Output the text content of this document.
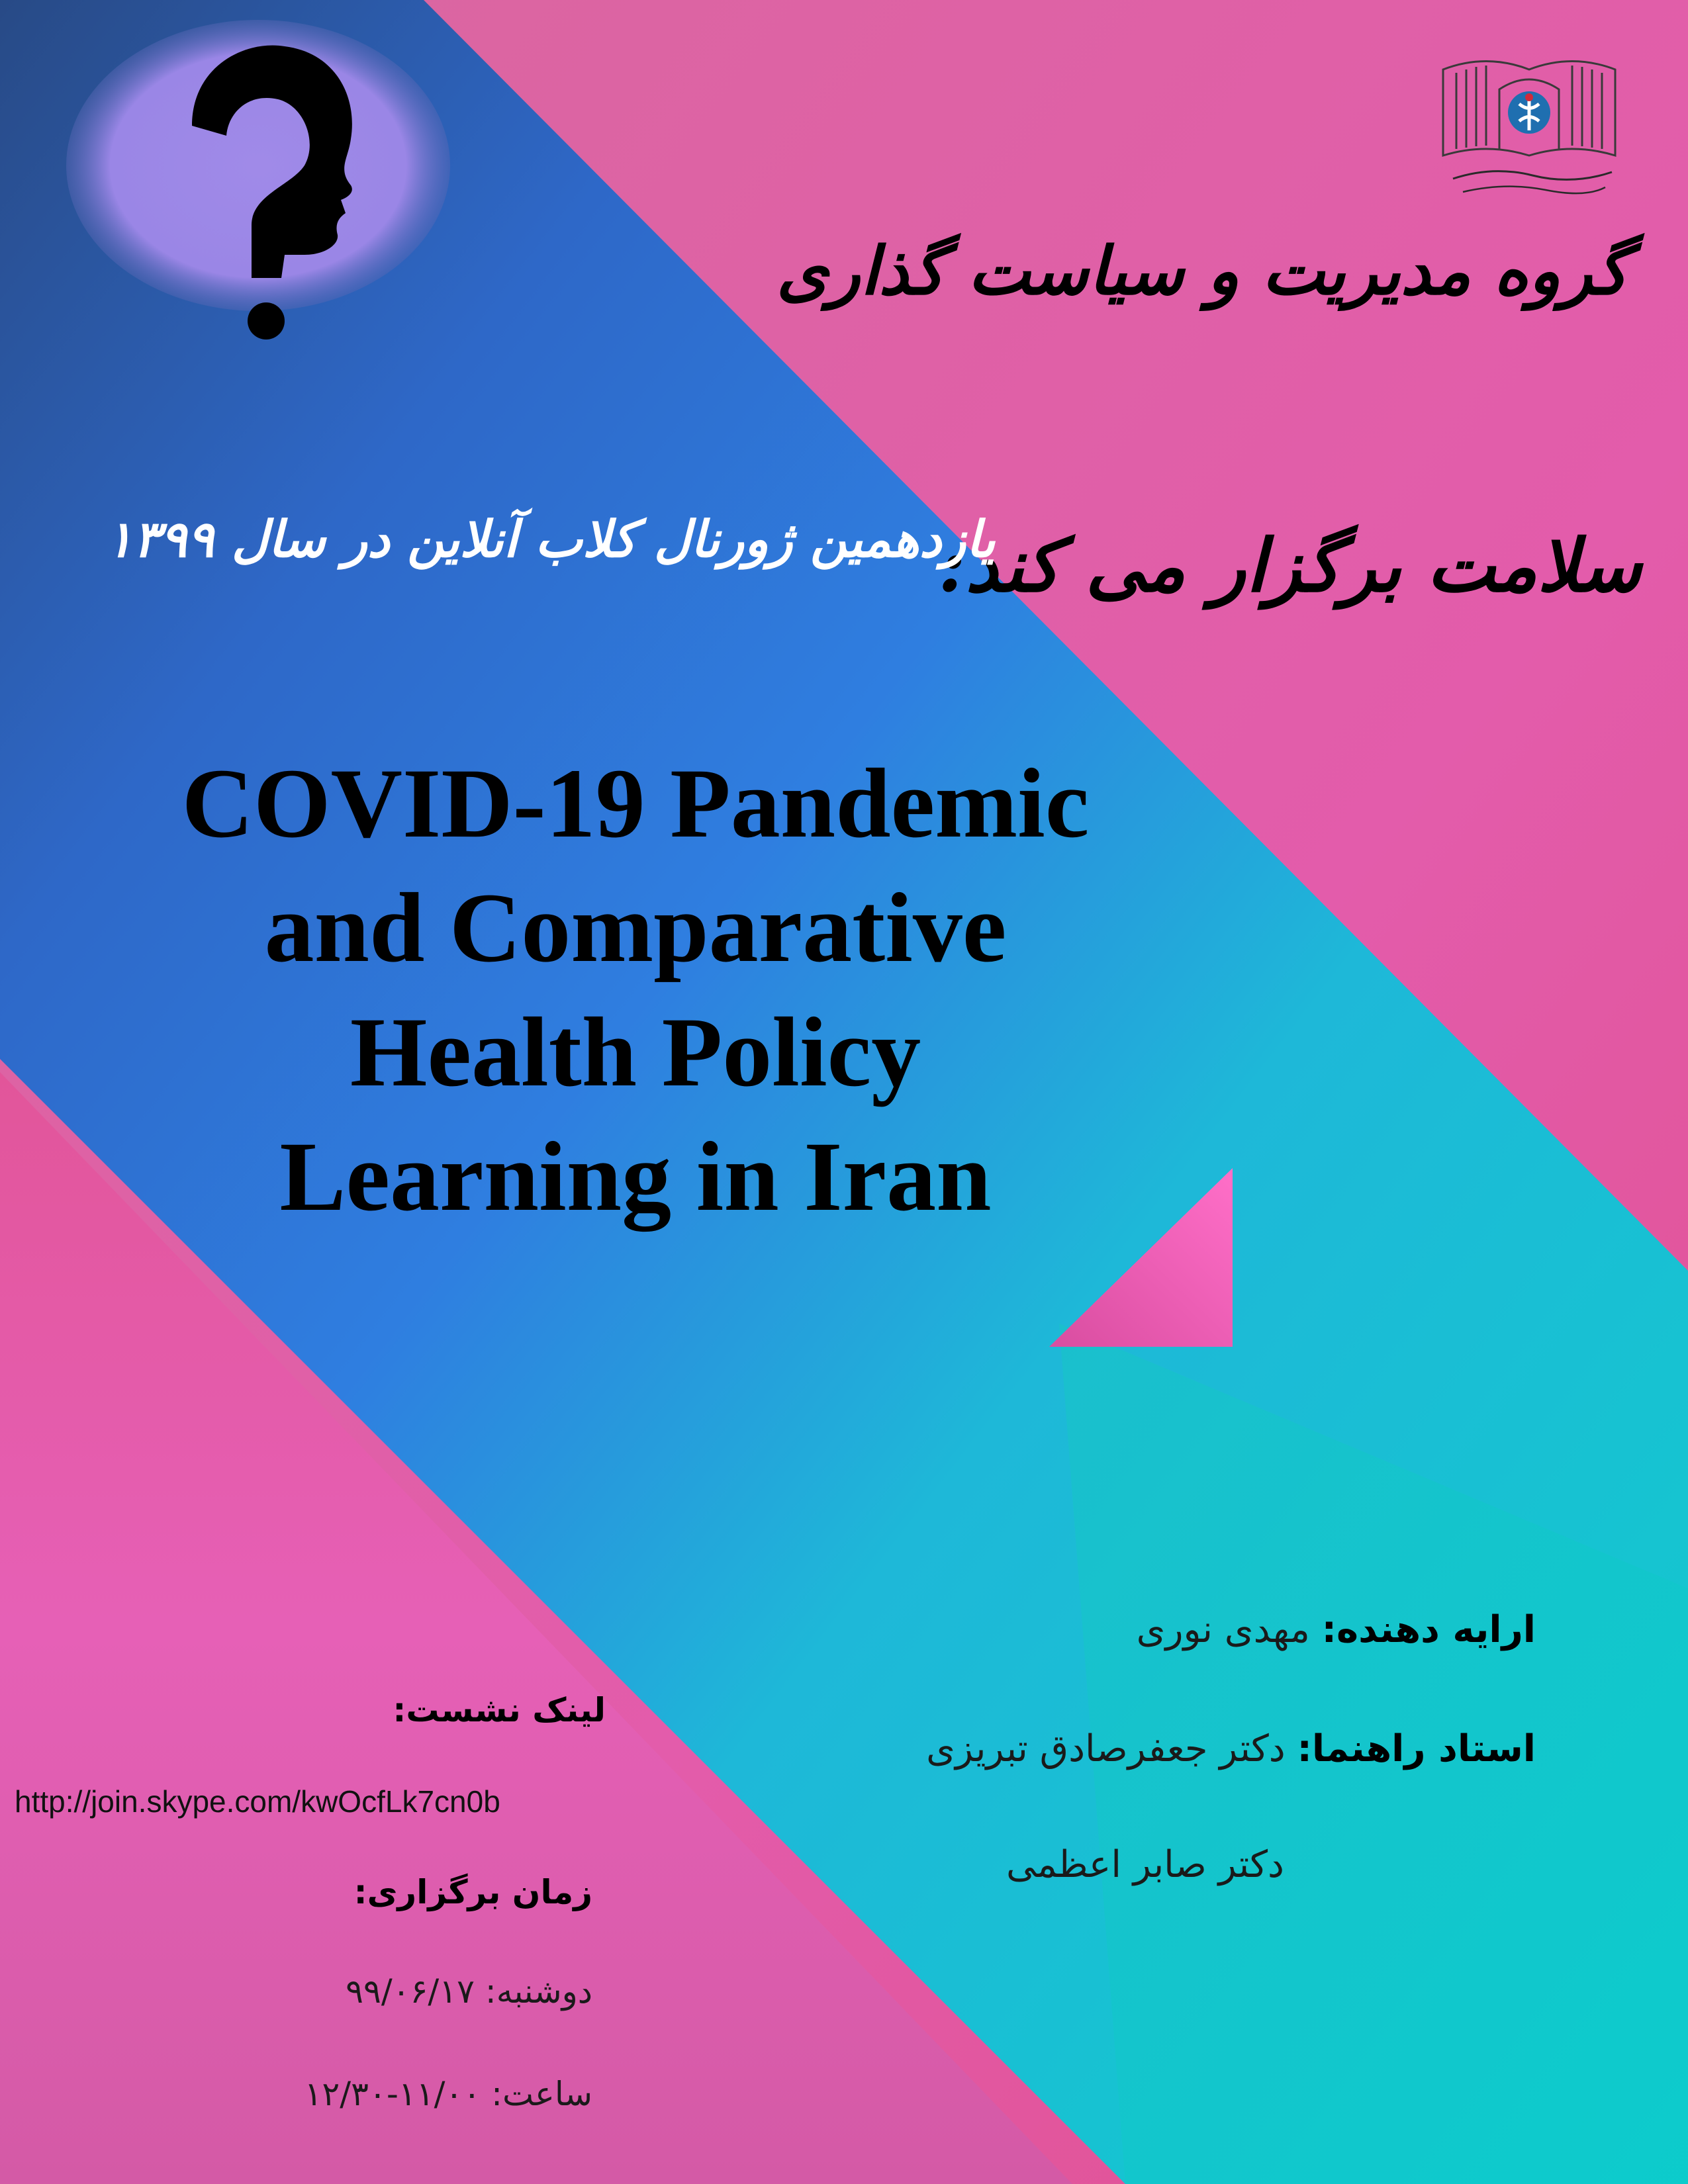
گروه مدیریت و سیاست گذاری
سلامت برگزار می کند:
یازدهمین ژورنال کلاب آنلاین در سال ۱۳۹۹
COVID-19 Pandemic
and Comparative
Health Policy
Learning in Iran
ارایه دهنده: مهدی نوری
استاد راهنما: دکتر جعفرصادق تبریزی
دکتر صابر اعظمی
لینک نشست:
http://join.skype.com/kwOcfLk7cn0b
زمان برگزاری:
دوشنبه: ۹۹/۰۶/۱۷
ساعت: ۱۱/۰۰-۱۲/۳۰
